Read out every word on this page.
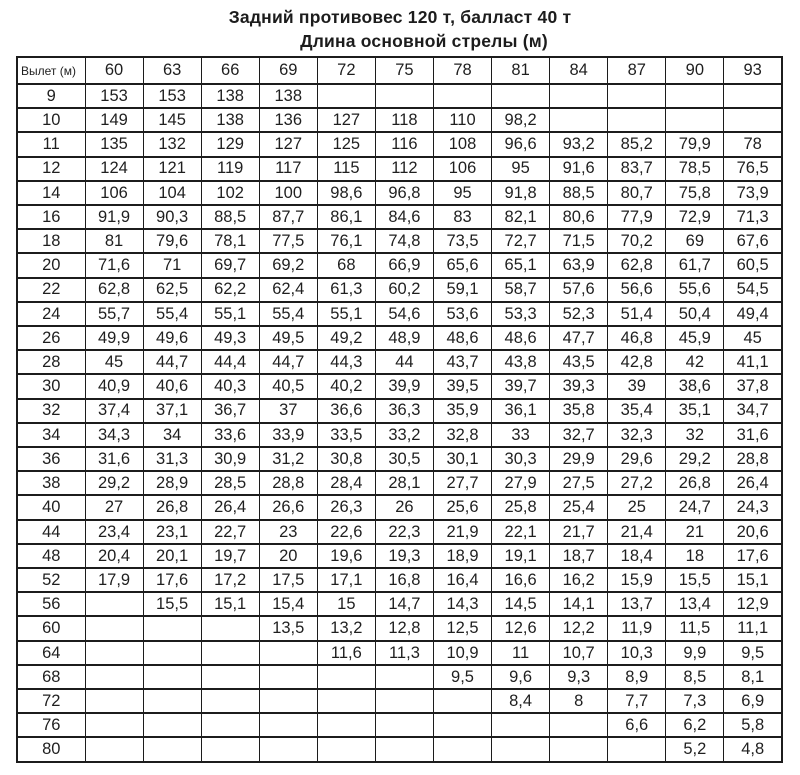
Задний противовес 120 т, балласт 40 т
Длина основной стрелы (м)
Вылет (м)	60	63	66	69	72	75	78	81	84	87	90	93
9	153	153	138	138								
10	149	145	138	136	127	118	110	98,2				
11	135	132	129	127	125	116	108	96,6	93,2	85,2	79,9	78
12	124	121	119	117	115	112	106	95	91,6	83,7	78,5	76,5
14	106	104	102	100	98,6	96,8	95	91,8	88,5	80,7	75,8	73,9
16	91,9	90,3	88,5	87,7	86,1	84,6	83	82,1	80,6	77,9	72,9	71,3
18	81	79,6	78,1	77,5	76,1	74,8	73,5	72,7	71,5	70,2	69	67,6
20	71,6	71	69,7	69,2	68	66,9	65,6	65,1	63,9	62,8	61,7	60,5
22	62,8	62,5	62,2	62,4	61,3	60,2	59,1	58,7	57,6	56,6	55,6	54,5
24	55,7	55,4	55,1	55,4	55,1	54,6	53,6	53,3	52,3	51,4	50,4	49,4
26	49,9	49,6	49,3	49,5	49,2	48,9	48,6	48,6	47,7	46,8	45,9	45
28	45	44,7	44,4	44,7	44,3	44	43,7	43,8	43,5	42,8	42	41,1
30	40,9	40,6	40,3	40,5	40,2	39,9	39,5	39,7	39,3	39	38,6	37,8
32	37,4	37,1	36,7	37	36,6	36,3	35,9	36,1	35,8	35,4	35,1	34,7
34	34,3	34	33,6	33,9	33,5	33,2	32,8	33	32,7	32,3	32	31,6
36	31,6	31,3	30,9	31,2	30,8	30,5	30,1	30,3	29,9	29,6	29,2	28,8
38	29,2	28,9	28,5	28,8	28,4	28,1	27,7	27,9	27,5	27,2	26,8	26,4
40	27	26,8	26,4	26,6	26,3	26	25,6	25,8	25,4	25	24,7	24,3
44	23,4	23,1	22,7	23	22,6	22,3	21,9	22,1	21,7	21,4	21	20,6
48	20,4	20,1	19,7	20	19,6	19,3	18,9	19,1	18,7	18,4	18	17,6
52	17,9	17,6	17,2	17,5	17,1	16,8	16,4	16,6	16,2	15,9	15,5	15,1
56		15,5	15,1	15,4	15	14,7	14,3	14,5	14,1	13,7	13,4	12,9
60				13,5	13,2	12,8	12,5	12,6	12,2	11,9	11,5	11,1
64					11,6	11,3	10,9	11	10,7	10,3	9,9	9,5
68							9,5	9,6	9,3	8,9	8,5	8,1
72								8,4	8	7,7	7,3	6,9
76										6,6	6,2	5,8
80											5,2	4,8
